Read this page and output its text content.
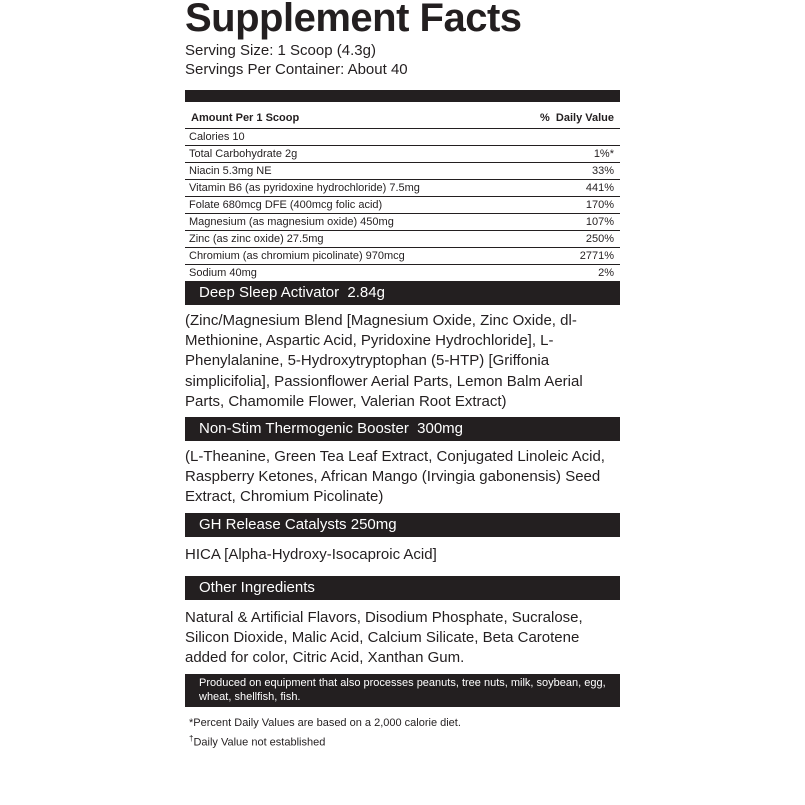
Supplement Facts
Serving Size: 1 Scoop (4.3g)
Servings Per Container: About 40
Amount Per 1 Scoop	%  Daily Value
Calories 10
Total Carbohydrate 2g	1%*
Niacin 5.3mg NE	33%
Vitamin B6 (as pyridoxine hydrochloride) 7.5mg	441%
Folate 680mcg DFE (400mcg folic acid)	170%
Magnesium (as magnesium oxide) 450mg	107%
Zinc (as zinc oxide) 27.5mg	250%
Chromium (as chromium picolinate) 970mcg	2771%
Sodium 40mg	2%
Deep Sleep Activator  2.84g
(Zinc/Magnesium Blend [Magnesium Oxide, Zinc Oxide, dl-Methionine, Aspartic Acid, Pyridoxine Hydrochloride], L-Phenylalanine, 5-Hydroxytryptophan (5-HTP) [Griffonia simplicifolia], Passionflower Aerial Parts, Lemon Balm Aerial Parts, Chamomile Flower, Valerian Root Extract)
Non-Stim Thermogenic Booster  300mg
(L-Theanine, Green Tea Leaf Extract, Conjugated Linoleic Acid, Raspberry Ketones, African Mango (Irvingia gabonensis) Seed Extract, Chromium Picolinate)
GH Release Catalysts 250mg
HICA [Alpha-Hydroxy-Isocaproic Acid]
Other Ingredients
Natural & Artificial Flavors, Disodium Phosphate, Sucralose, Silicon Dioxide, Malic Acid, Calcium Silicate, Beta Carotene added for color, Citric Acid, Xanthan Gum.
Produced on equipment that also processes peanuts, tree nuts, milk, soybean, egg, wheat, shellfish, fish.
*Percent Daily Values are based on a 2,000 calorie diet.
†Daily Value not established
